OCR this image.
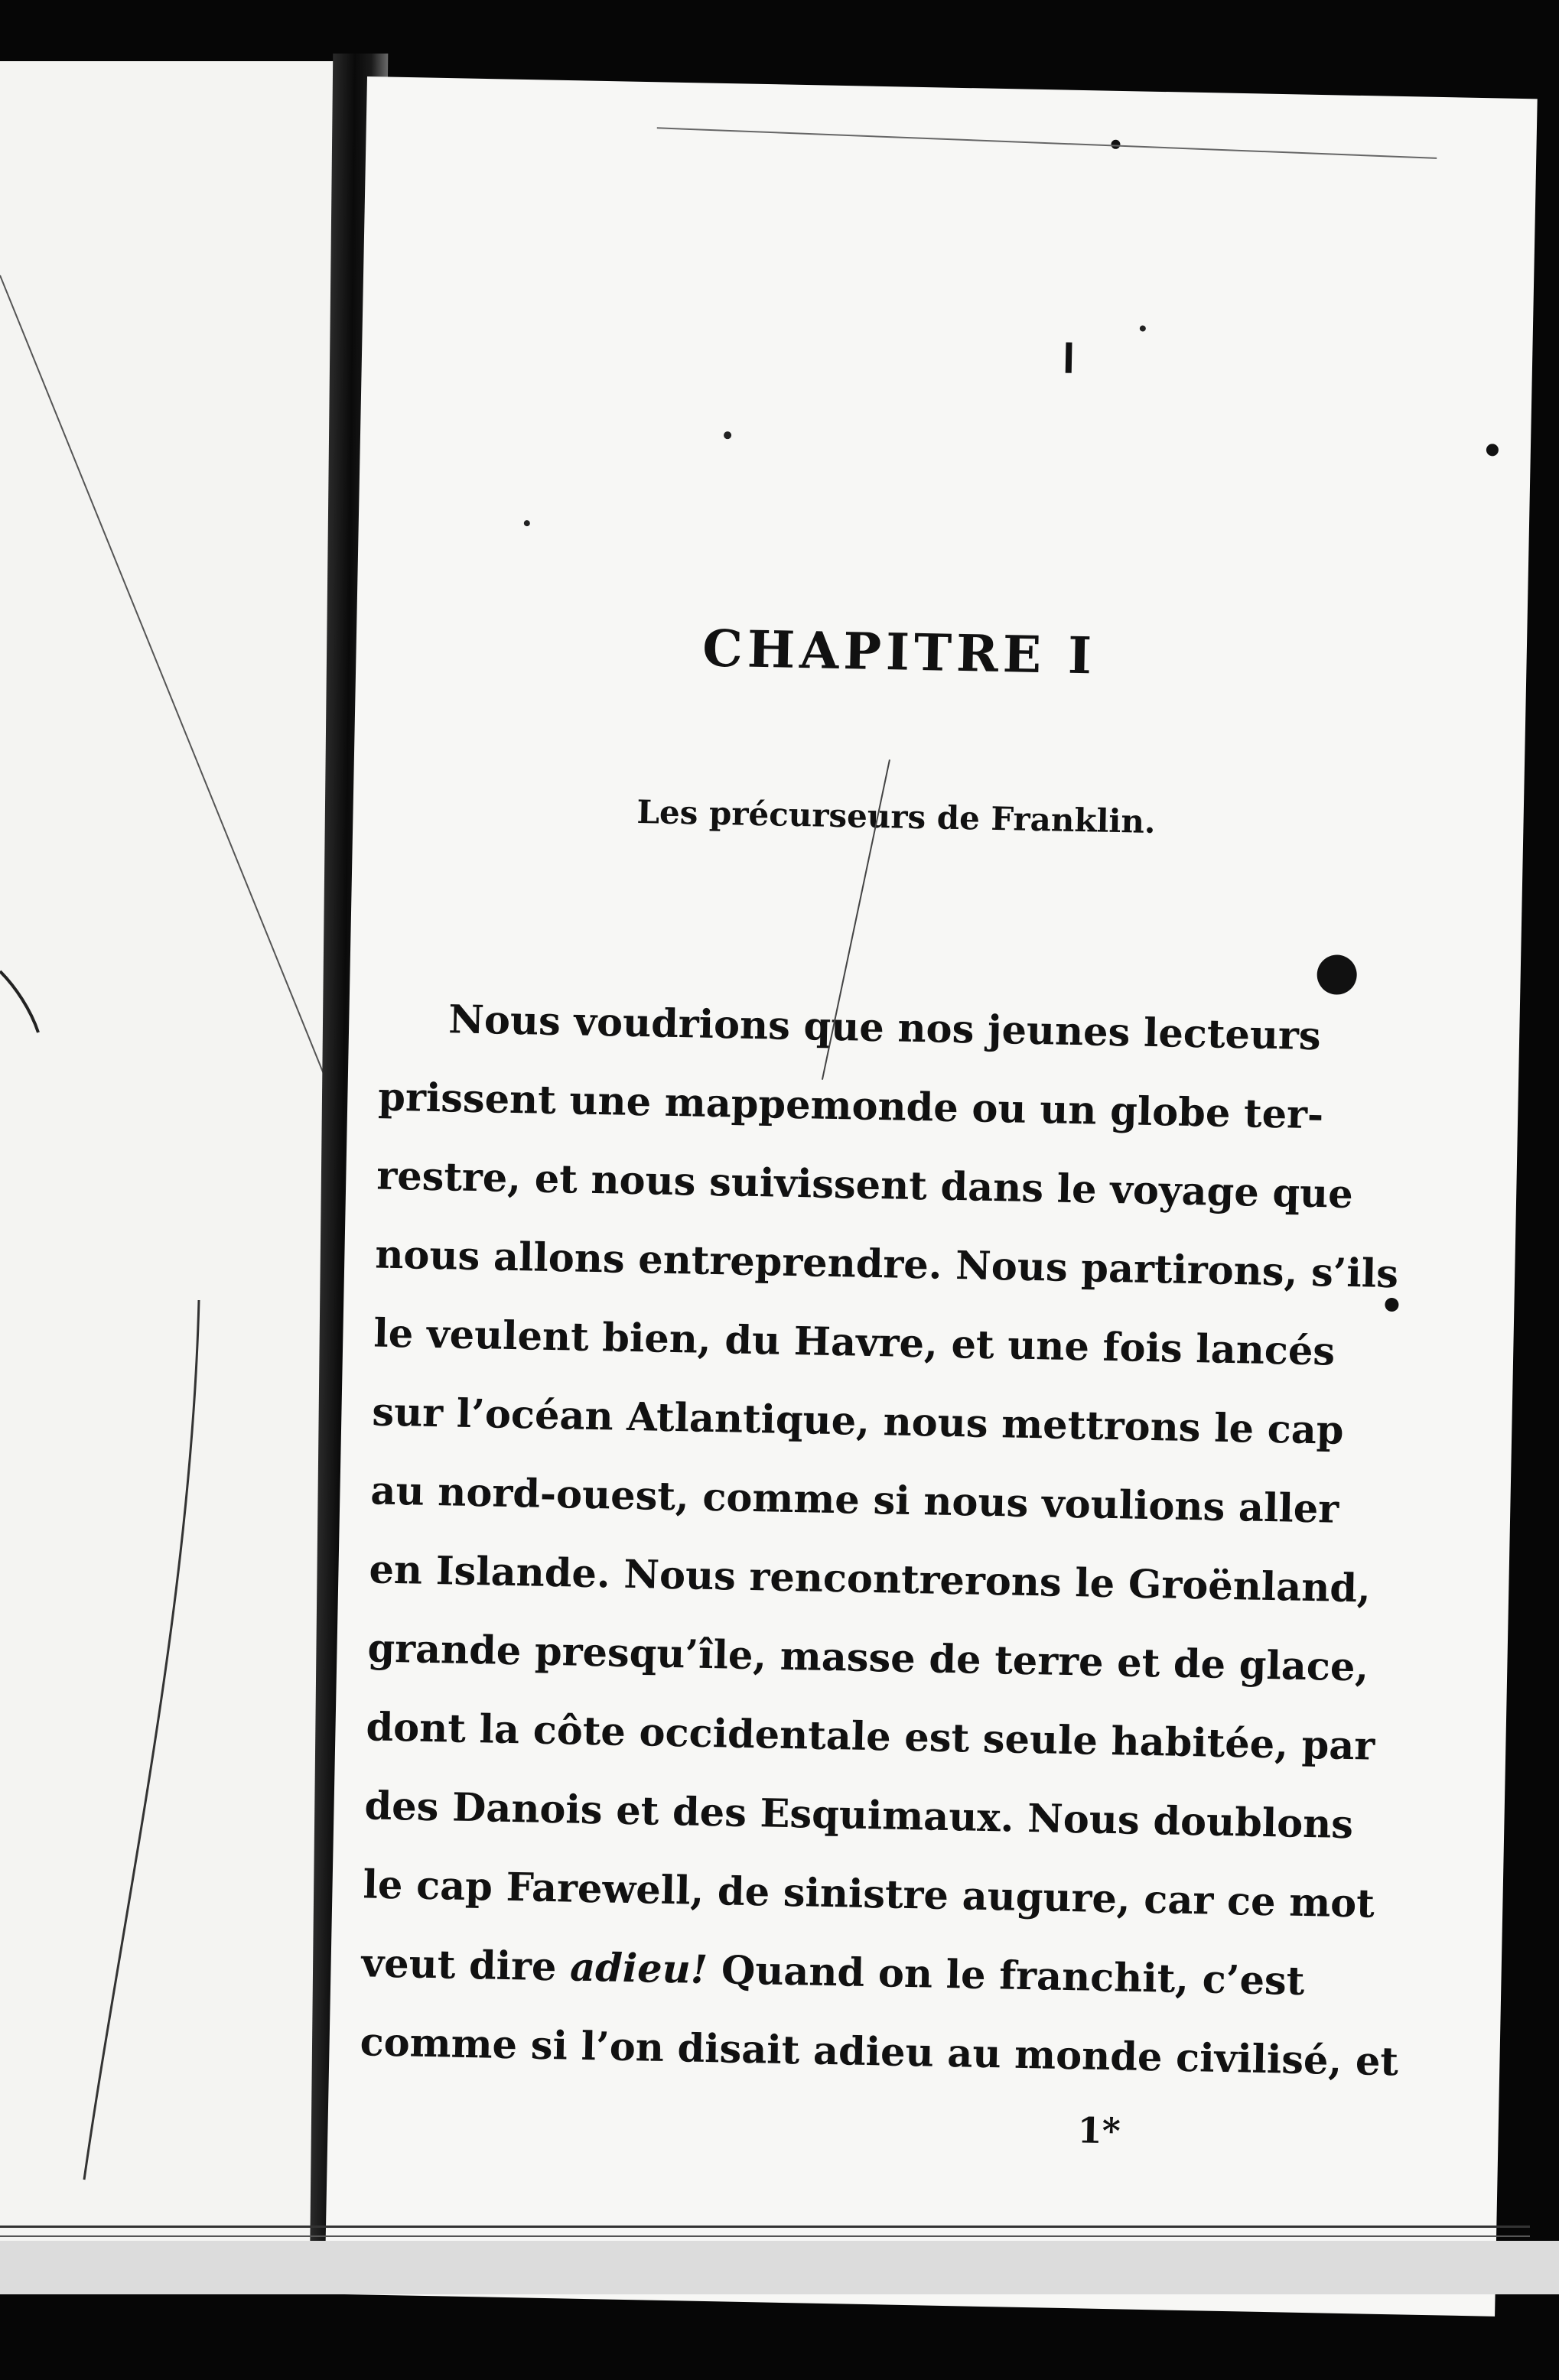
CHAPITRE I
Les précurseurs de Franklin.
Nous voudrions que nos jeunes lecteurs
prissent une mappemonde ou un globe ter-
restre, et nous suivissent dans le voyage que
nous allons entreprendre. Nous partirons, s’ils
le veulent bien, du Havre, et une fois lancés
sur l’océan Atlantique, nous mettrons le cap
au nord-ouest, comme si nous voulions aller
en Islande. Nous rencontrerons le Groënland,
grande presqu’île, masse de terre et de glace,
dont la côte occidentale est seule habitée, par
des Danois et des Esquimaux. Nous doublons
le cap Farewell, de sinistre augure, car ce mot
veut dire adieu! Quand on le franchit, c’est
comme si l’on disait adieu au monde civilisé, et
1*
